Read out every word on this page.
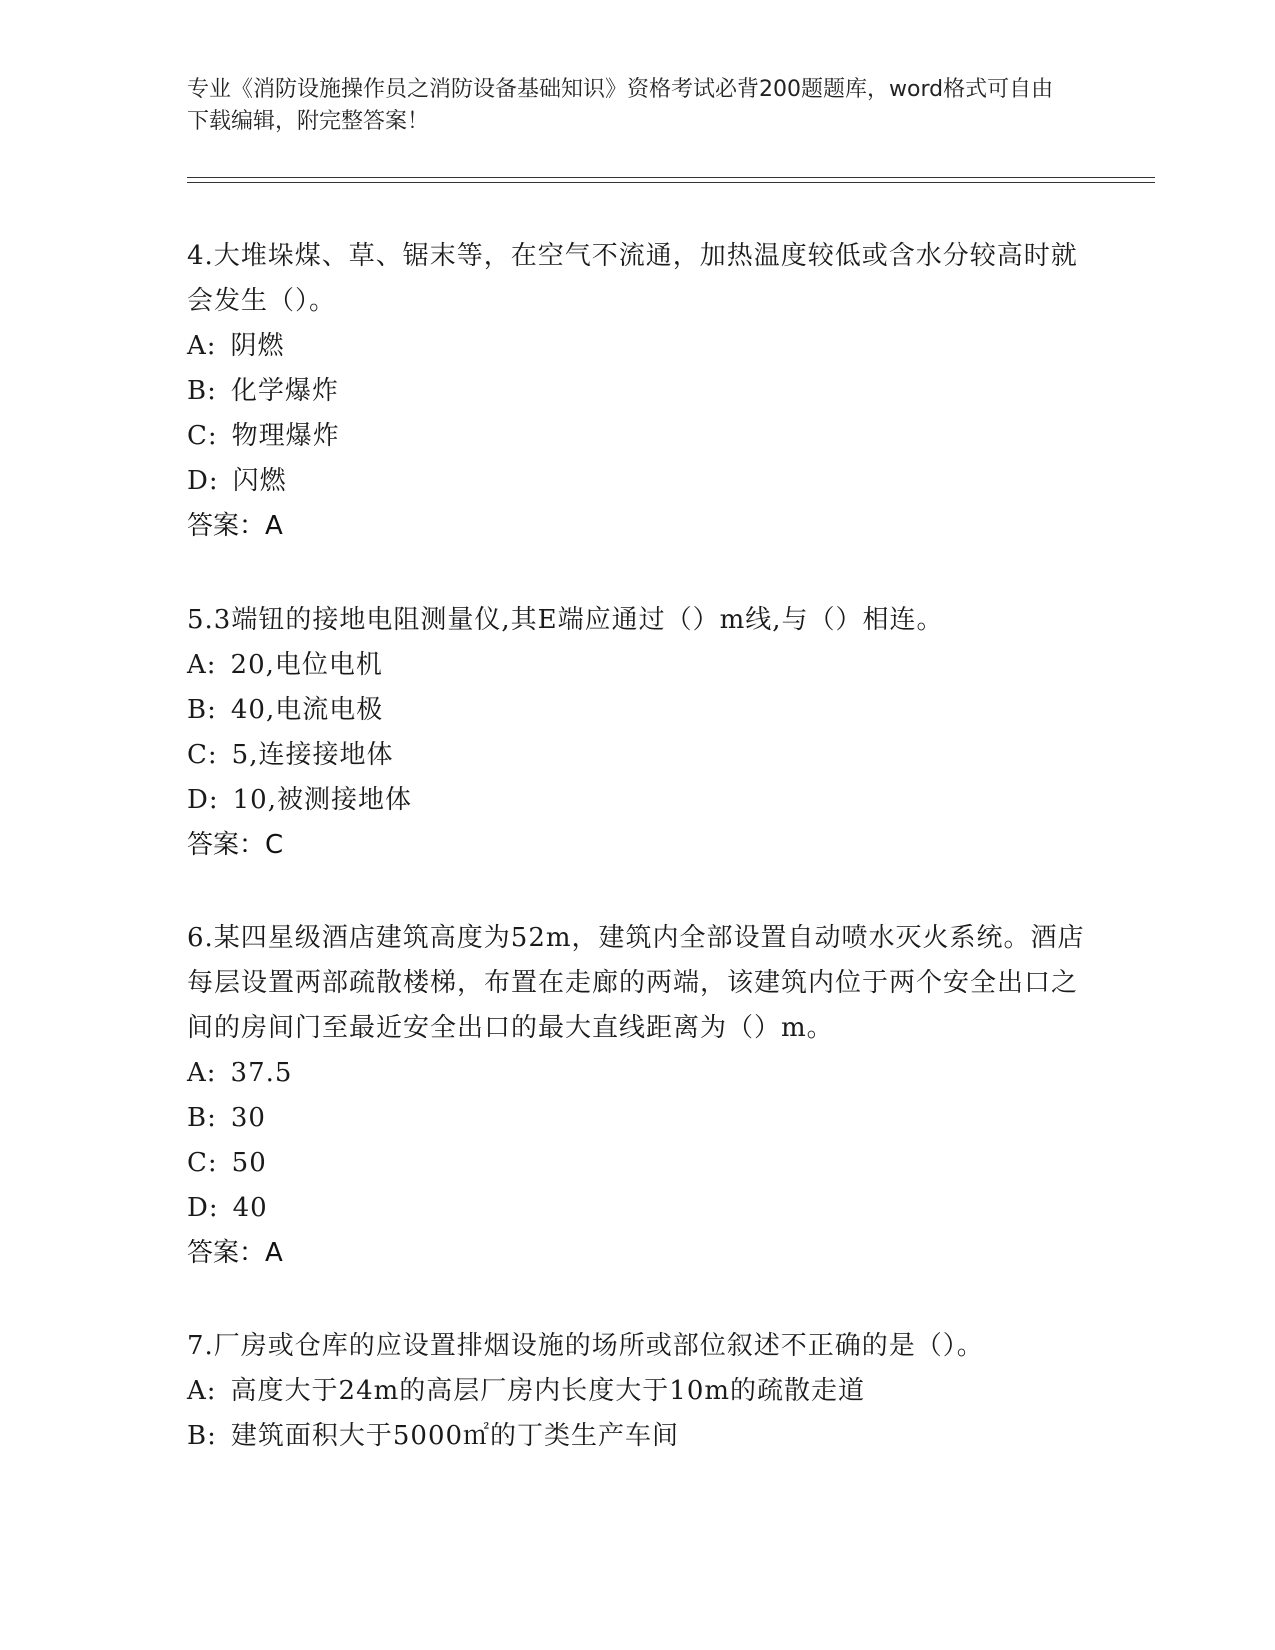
专业《消防设施操作员之消防设备基础知识》资格考试必背200题题库，word格式可自由下载编辑，附完整答案！

4.大堆垛煤、草、锯末等，在空气不流通，加热温度较低或含水分较高时就会发生（）。

A: 阴燃

B: 化学爆炸

C: 物理爆炸

D: 闪燃

答案：A

5.3端钮的接地电阻测量仪,其E端应通过（）m线,与（）相连。

A: 20,电位电机

B: 40,电流电极

C: 5,连接接地体

D: 10,被测接地体

答案：C

6.某四星级酒店建筑高度为52m，建筑内全部设置自动喷水灭火系统。酒店每层设置两部疏散楼梯，布置在走廊的两端，该建筑内位于两个安全出口之间的房间门至最近安全出口的最大直线距离为（）m。

A: 37.5

B: 30

C: 50

D: 40

答案：A

7.厂房或仓库的应设置排烟设施的场所或部位叙述不正确的是（）。

A: 高度大于24m的高层厂房内长度大于10m的疏散走道

B: 建筑面积大于5000㎡的丁类生产车间
